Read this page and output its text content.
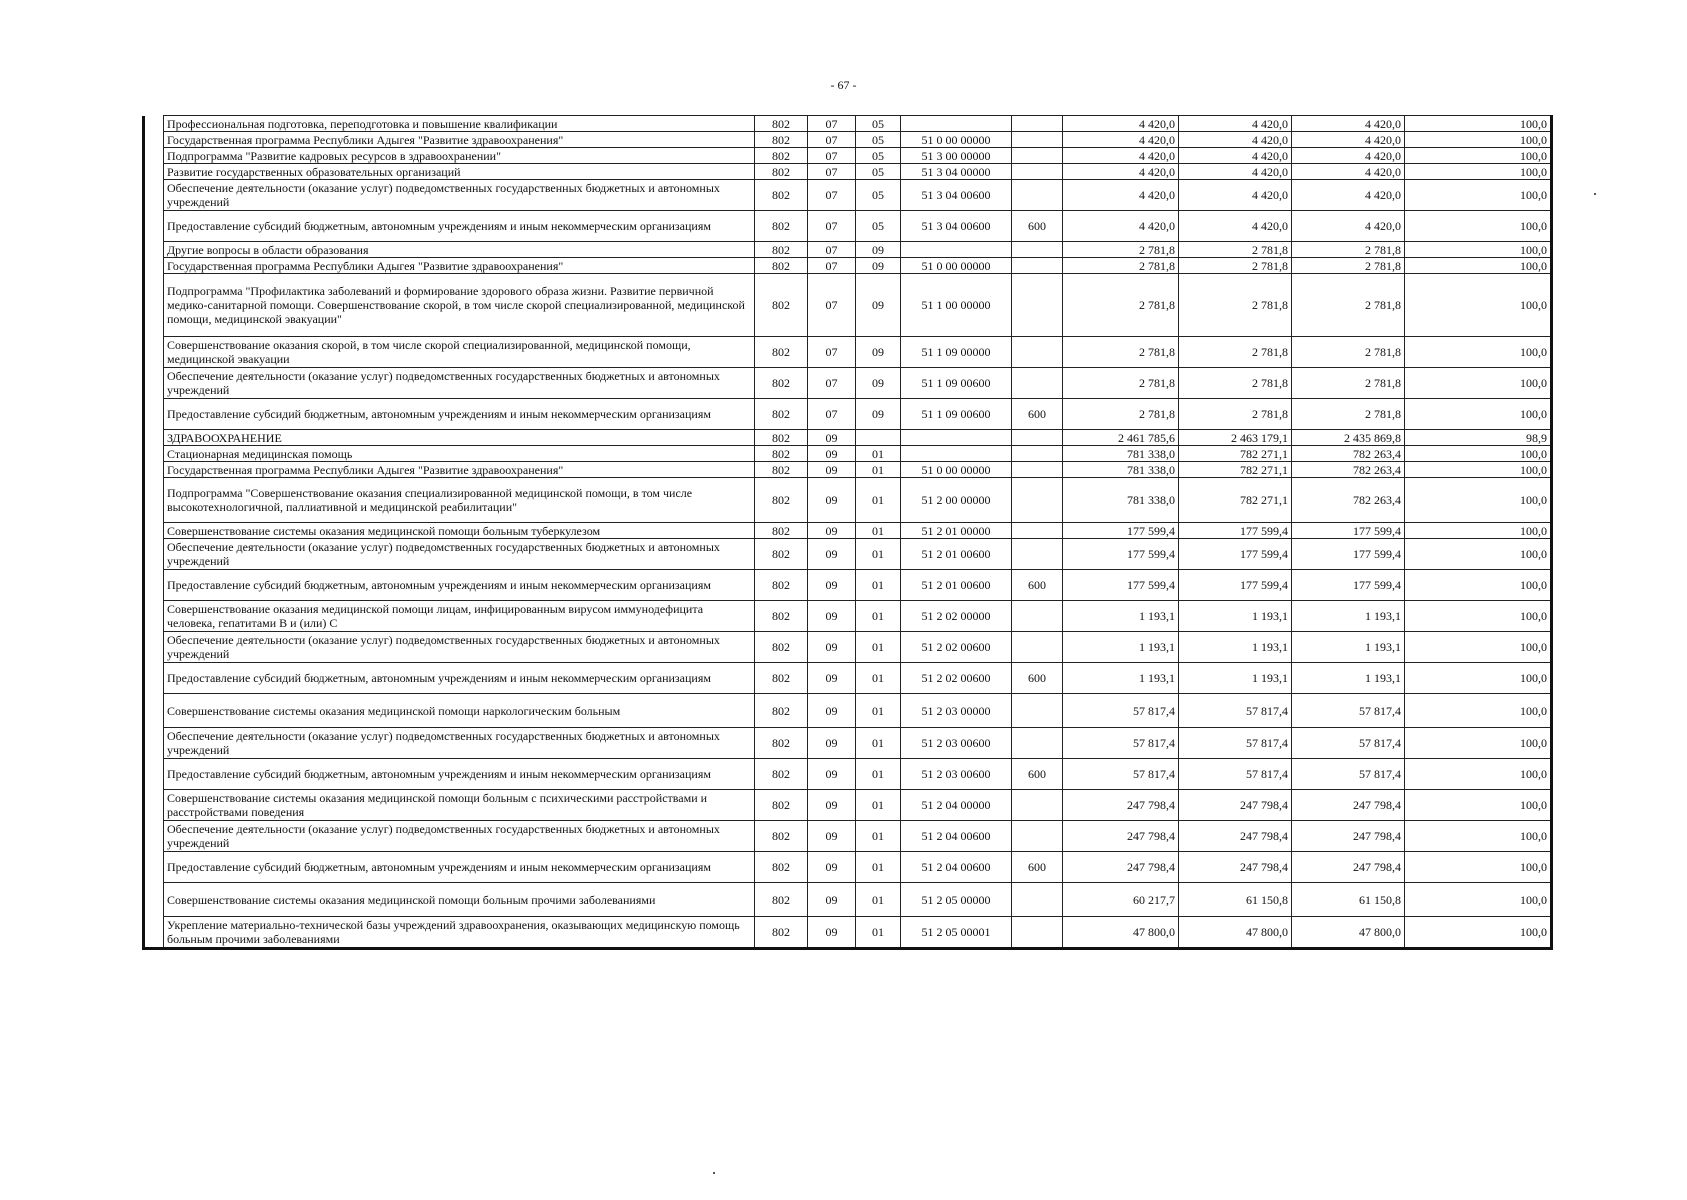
- 67 -
	Профессиональная подготовка, переподготовка и повышение квалификации	802	07	05			4 420,0	4 420,0	4 420,0	100,0
	Государственная программа Республики Адыгея "Развитие здравоохранения"	802	07	05	51 0 00 00000		4 420,0	4 420,0	4 420,0	100,0
	Подпрограмма "Развитие кадровых ресурсов в здравоохранении"	802	07	05	51 3 00 00000		4 420,0	4 420,0	4 420,0	100,0
	Развитие государственных образовательных организаций	802	07	05	51 3 04 00000		4 420,0	4 420,0	4 420,0	100,0
	Обеспечение деятельности (оказание услуг) подведомственных государственных бюджетных и автономных учреждений	802	07	05	51 3 04 00600		4 420,0	4 420,0	4 420,0	100,0
	Предоставление субсидий бюджетным, автономным учреждениям и иным некоммерческим организациям	802	07	05	51 3 04 00600	600	4 420,0	4 420,0	4 420,0	100,0
	Другие вопросы в области образования	802	07	09			2 781,8	2 781,8	2 781,8	100,0
	Государственная программа Республики Адыгея "Развитие здравоохранения"	802	07	09	51 0 00 00000		2 781,8	2 781,8	2 781,8	100,0
	Подпрограмма "Профилактика заболеваний и формирование здорового образа жизни. Развитие первичной медико-санитарной помощи. Совершенствование скорой, в том числе скорой специализированной, медицинской помощи, медицинской эвакуации"	802	07	09	51 1 00 00000		2 781,8	2 781,8	2 781,8	100,0
	Совершенствование оказания скорой, в том числе скорой специализированной, медицинской помощи, медицинской эвакуации	802	07	09	51 1 09 00000		2 781,8	2 781,8	2 781,8	100,0
	Обеспечение деятельности (оказание услуг) подведомственных государственных бюджетных и автономных учреждений	802	07	09	51 1 09 00600		2 781,8	2 781,8	2 781,8	100,0
	Предоставление субсидий бюджетным, автономным учреждениям и иным некоммерческим организациям	802	07	09	51 1 09 00600	600	2 781,8	2 781,8	2 781,8	100,0
	ЗДРАВООХРАНЕНИЕ	802	09				2 461 785,6	2 463 179,1	2 435 869,8	98,9
	Стационарная медицинская помощь	802	09	01			781 338,0	782 271,1	782 263,4	100,0
	Государственная программа Республики Адыгея "Развитие здравоохранения"	802	09	01	51 0 00 00000		781 338,0	782 271,1	782 263,4	100,0
	Подпрограмма "Совершенствование оказания специализированной медицинской помощи, в том числе высокотехнологичной, паллиативной и медицинской реабилитации"	802	09	01	51 2 00 00000		781 338,0	782 271,1	782 263,4	100,0
	Совершенствование системы оказания медицинской помощи больным туберкулезом	802	09	01	51 2 01 00000		177 599,4	177 599,4	177 599,4	100,0
	Обеспечение деятельности (оказание услуг) подведомственных государственных бюджетных и автономных учреждений	802	09	01	51 2 01 00600		177 599,4	177 599,4	177 599,4	100,0
	Предоставление субсидий бюджетным, автономным учреждениям и иным некоммерческим организациям	802	09	01	51 2 01 00600	600	177 599,4	177 599,4	177 599,4	100,0
	Совершенствование оказания медицинской помощи лицам, инфицированным вирусом иммунодефицита человека, гепатитами B и (или) C	802	09	01	51 2 02 00000		1 193,1	1 193,1	1 193,1	100,0
	Обеспечение деятельности (оказание услуг) подведомственных государственных бюджетных и автономных учреждений	802	09	01	51 2 02 00600		1 193,1	1 193,1	1 193,1	100,0
	Предоставление субсидий бюджетным, автономным учреждениям и иным некоммерческим организациям	802	09	01	51 2 02 00600	600	1 193,1	1 193,1	1 193,1	100,0
	Совершенствование системы оказания медицинской помощи наркологическим больным	802	09	01	51 2 03 00000		57 817,4	57 817,4	57 817,4	100,0
	Обеспечение деятельности (оказание услуг) подведомственных государственных бюджетных и автономных учреждений	802	09	01	51 2 03 00600		57 817,4	57 817,4	57 817,4	100,0
	Предоставление субсидий бюджетным, автономным учреждениям и иным некоммерческим организациям	802	09	01	51 2 03 00600	600	57 817,4	57 817,4	57 817,4	100,0
	Совершенствование системы оказания медицинской помощи больным с психическими расстройствами и расстройствами поведения	802	09	01	51 2 04 00000		247 798,4	247 798,4	247 798,4	100,0
	Обеспечение деятельности (оказание услуг) подведомственных государственных бюджетных и автономных учреждений	802	09	01	51 2 04 00600		247 798,4	247 798,4	247 798,4	100,0
	Предоставление субсидий бюджетным, автономным учреждениям и иным некоммерческим организациям	802	09	01	51 2 04 00600	600	247 798,4	247 798,4	247 798,4	100,0
	Совершенствование системы оказания медицинской помощи больным прочими заболеваниями	802	09	01	51 2 05 00000		60 217,7	61 150,8	61 150,8	100,0
	Укрепление материально-технической базы учреждений здравоохранения, оказывающих медицинскую помощь больным прочими заболеваниями	802	09	01	51 2 05 00001		47 800,0	47 800,0	47 800,0	100,0
